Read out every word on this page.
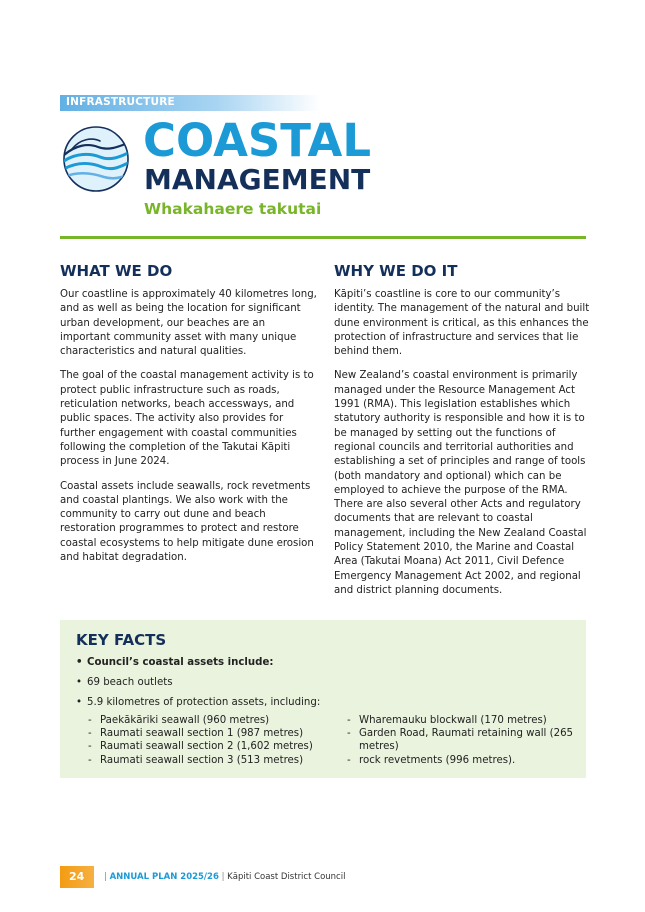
INFRASTRUCTURE
COASTAL
MANAGEMENT
Whakahaere takutai
WHAT WE DO

Our coastline is approximately 40 kilometres long, and as well as being the location for significant urban development, our beaches are an important community asset with many unique characteristics and natural qualities.

The goal of the coastal management activity is to protect public infrastructure such as roads, reticulation networks, beach accessways, and public spaces. The activity also provides for further engagement with coastal communities following the completion of the Takutai Kāpiti process in June 2024.

Coastal assets include seawalls, rock revetments and coastal plantings. We also work with the community to carry out dune and beach restoration programmes to protect and restore coastal ecosystems to help mitigate dune erosion and habitat degradation.

WHY WE DO IT

Kāpiti’s coastline is core to our community’s identity. The management of the natural and built dune environment is critical, as this enhances the protection of infrastructure and services that lie behind them.

New Zealand’s coastal environment is primarily managed under the Resource Management Act 1991 (RMA). This legislation establishes which statutory authority is responsible and how it is to be managed by setting out the functions of regional councils and territorial authorities and establishing a set of principles and range of tools (both mandatory and optional) which can be employed to achieve the purpose of the RMA. There are also several other Acts and regulatory documents that are relevant to coastal management, including the New Zealand Coastal Policy Statement 2010, the Marine and Coastal Area (Takutai Moana) Act 2011, Civil Defence Emergency Management Act 2002, and regional and district planning documents.

KEY FACTS
• Council’s coastal assets include:
• 69 beach outlets
• 5.9 kilometres of protection assets, including:
- Paekākāriki seawall (960 metres)
- Raumati seawall section 1 (987 metres)
- Raumati seawall section 2 (1,602 metres)
- Raumati seawall section 3 (513 metres)
- Wharemauku blockwall (170 metres)
- Garden Road, Raumati retaining wall (265 metres)
- rock revetments (996 metres).
24 | ANNUAL PLAN 2025/26 | Kāpiti Coast District Council
